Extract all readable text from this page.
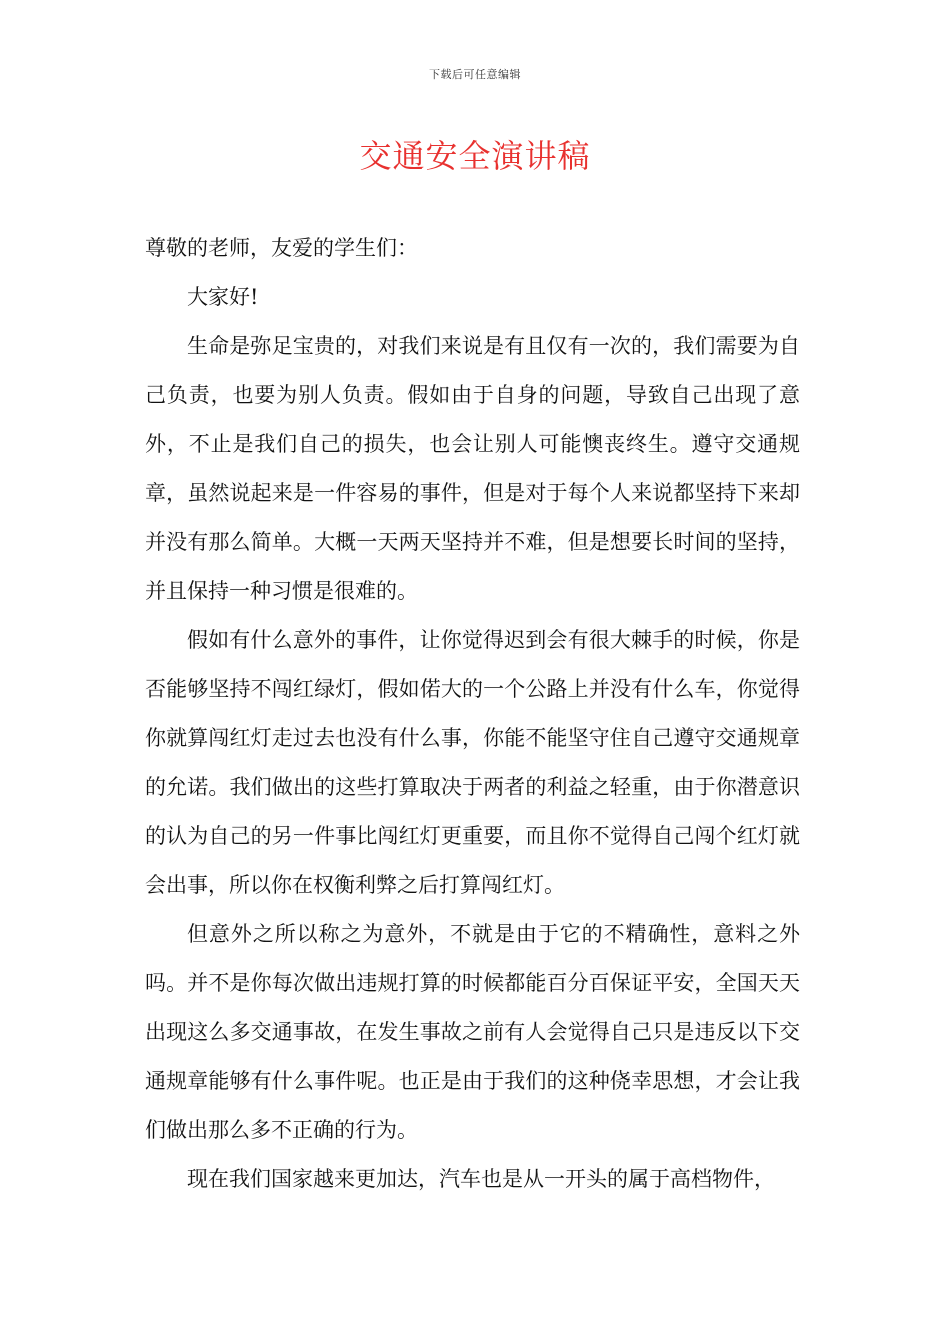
下载后可任意编辑
交通安全演讲稿

尊敬的老师，友爱的学生们：

大家好!

生命是弥足宝贵的，对我们来说是有且仅有一次的，我们需要为自己负责，也要为别人负责。假如由于自身的问题，导致自己出现了意外，不止是我们自己的损失，也会让别人可能懊丧终生。遵守交通规章，虽然说起来是一件容易的事件，但是对于每个人来说都坚持下来却并没有那么简单。大概一天两天坚持并不难，但是想要长时间的坚持，并且保持一种习惯是很难的。

假如有什么意外的事件，让你觉得迟到会有很大棘手的时候，你是否能够坚持不闯红绿灯，假如偌大的一个公路上并没有什么车，你觉得你就算闯红灯走过去也没有什么事，你能不能坚守住自己遵守交通规章的允诺。我们做出的这些打算取决于两者的利益之轻重，由于你潜意识的认为自己的另一件事比闯红灯更重要，而且你不觉得自己闯个红灯就会出事，所以你在权衡利弊之后打算闯红灯。

但意外之所以称之为意外，不就是由于它的不精确性，意料之外吗。并不是你每次做出违规打算的时候都能百分百保证平安，全国天天出现这么多交通事故，在发生事故之前有人会觉得自己只是违反以下交通规章能够有什么事件呢。也正是由于我们的这种侥幸思想，才会让我们做出那么多不正确的行为。

现在我们国家越来更加达，汽车也是从一开头的属于高档物件，
